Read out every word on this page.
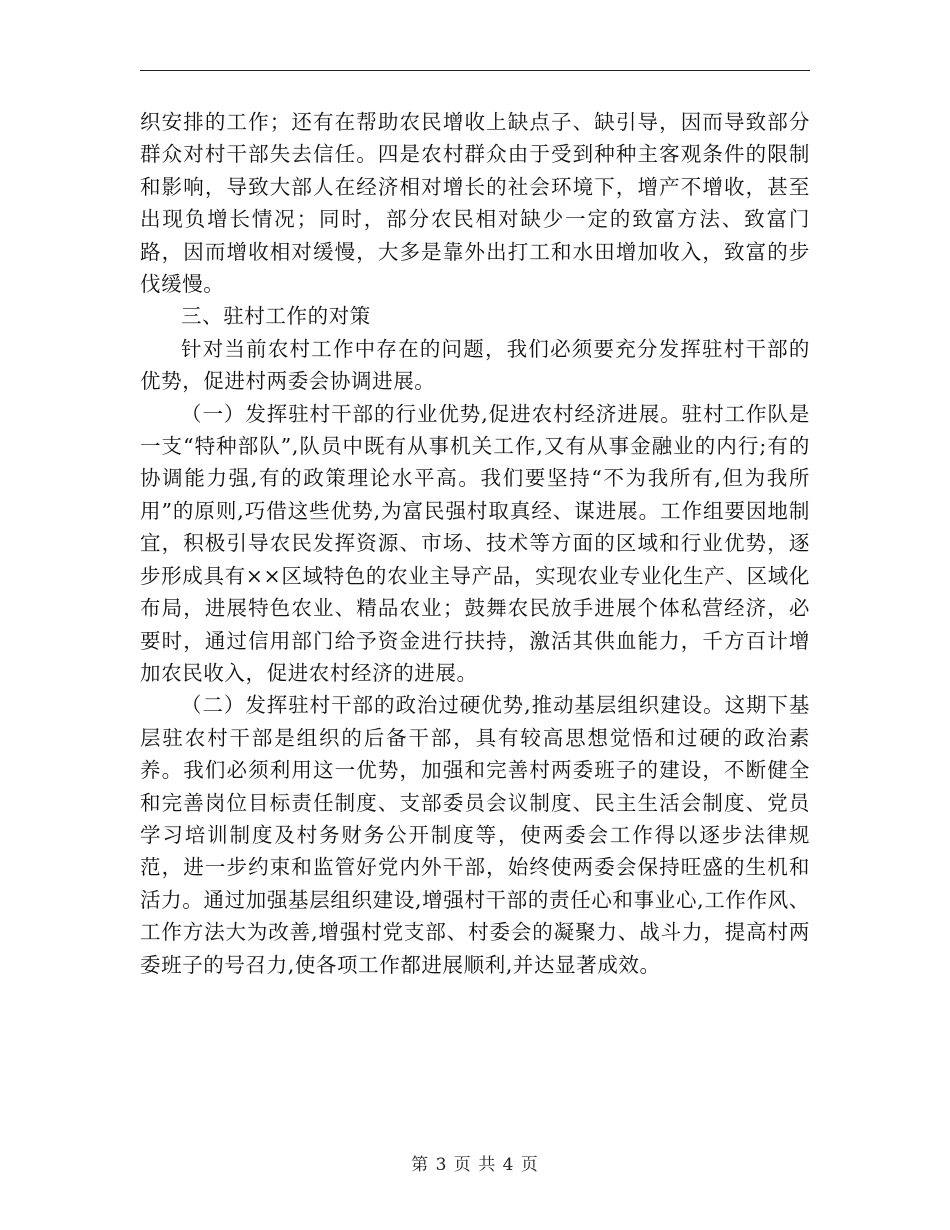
织安排的工作；还有在帮助农民增收上缺点子、缺引导，因而导致部分群众对村干部失去信任。四是农村群众由于受到种种主客观条件的限制和影响，导致大部人在经济相对增长的社会环境下，增产不增收，甚至出现负增长情况；同时，部分农民相对缺少一定的致富方法、致富门路，因而增收相对缓慢，大多是靠外出打工和水田增加收入，致富的步伐缓慢。

三、驻村工作的对策

针对当前农村工作中存在的问题，我们必须要充分发挥驻村干部的优势，促进村两委会协调进展。

（一）发挥驻村干部的行业优势,促进农村经济进展。驻村工作队是一支“特种部队”,队员中既有从事机关工作,又有从事金融业的内行;有的协调能力强,有的政策理论水平高。我们要坚持“不为我所有,但为我所用”的原则,巧借这些优势,为富民强村取真经、谋进展。工作组要因地制宜，积极引导农民发挥资源、市场、技术等方面的区域和行业优势，逐步形成具有××区域特色的农业主导产品，实现农业专业化生产、区域化布局，进展特色农业、精品农业；鼓舞农民放手进展个体私营经济，必要时，通过信用部门给予资金进行扶持，激活其供血能力，千方百计增加农民收入，促进农村经济的进展。

（二）发挥驻村干部的政治过硬优势,推动基层组织建设。这期下基层驻农村干部是组织的后备干部，具有较高思想觉悟和过硬的政治素养。我们必须利用这一优势，加强和完善村两委班子的建设，不断健全和完善岗位目标责任制度、支部委员会议制度、民主生活会制度、党员学习培训制度及村务财务公开制度等，使两委会工作得以逐步法律规范，进一步约束和监管好党内外干部，始终使两委会保持旺盛的生机和活力。通过加强基层组织建设,增强村干部的责任心和事业心,工作作风、工作方法大为改善,增强村党支部、村委会的凝聚力、战斗力，提高村两委班子的号召力,使各项工作都进展顺利,并达显著成效。

第 3 页 共 4 页
